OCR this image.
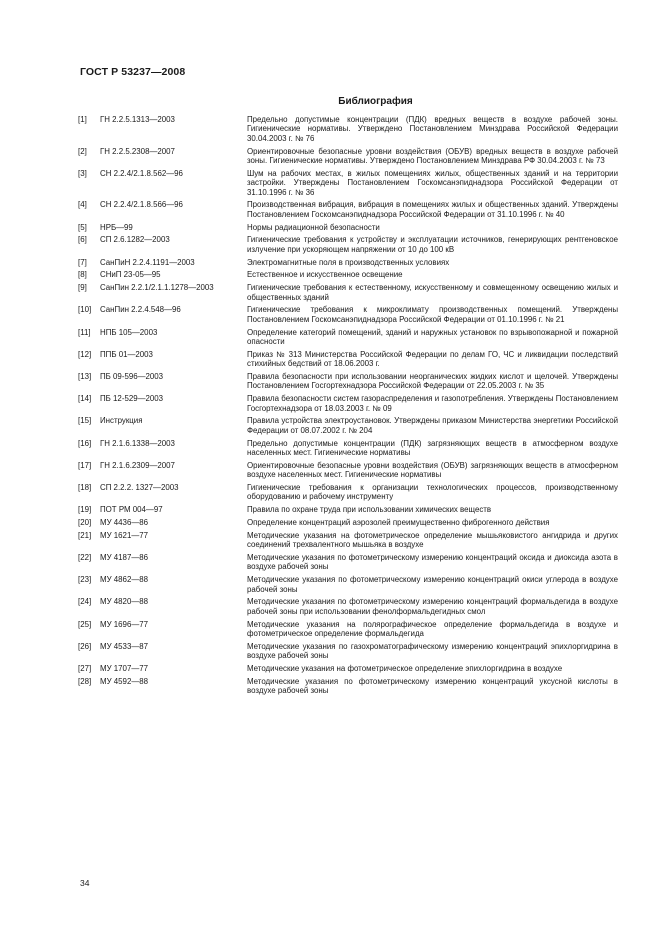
ГОСТ Р 53237—2008
Библиография
[1]	ГН 2.2.5.1313—2003	Предельно допустимые концентрации (ПДК) вредных веществ в воздухе рабочей зоны. Гигиенические нормативы. Утверждено Постановлением Минздрава Российской Федерации 30.04.2003 г. № 76
[2]	ГН 2.2.5.2308—2007	Ориентировочные безопасные уровни воздействия (ОБУВ) вредных веществ в воздухе рабочей зоны. Гигиенические нормативы. Утверждено Постановлением Минздрава РФ 30.04.2003 г. № 73
[3]	СН 2.2.4/2.1.8.562—96	Шум на рабочих местах, в жилых помещениях жилых, общественных зданий и на территории застройки. Утверждены Постановлением Госкомсанэпиднадзора Российской Федерации от 31.10.1996 г. № 36
[4]	СН 2.2.4/2.1.8.566—96	Производственная вибрация, вибрация в помещениях жилых и общественных зданий. Утверждены Постановлением Госкомсанэпиднадзора Российской Федерации от 31.10.1996 г. № 40
[5]	НРБ—99	Нормы радиационной безопасности
[6]	СП 2.6.1282—2003	Гигиенические требования к устройству и эксплуатации источников, генерирующих рентгеновское излучение при ускоряющем напряжении от 10 до 100 кВ
[7]	СанПиН 2.2.4.1191—2003	Электромагнитные поля в производственных условиях
[8]	СНиП 23-05—95	Естественное и искусственное освещение
[9]	СанПин 2.2.1/2.1.1.1278—2003	Гигиенические требования к естественному, искусственному и совмещенному освещению жилых и общественных зданий
[10]	СанПин 2.2.4.548—96	Гигиенические требования к микроклимату производственных помещений. Утверждены Постановлением Госкомсанэпиднадзора Российской Федерации от 01.10.1996 г. № 21
[11]	НПБ 105—2003	Определение категорий помещений, зданий и наружных установок по взрывопожарной и пожарной опасности
[12]	ППБ 01—2003	Приказ № 313 Министерства Российской Федерации по делам ГО, ЧС и ликвидации последствий стихийных бедствий от 18.06.2003 г.
[13]	ПБ 09-596—2003	Правила безопасности при использовании неорганических жидких кислот и щелочей. Утверждены Постановлением Госгортехнадзора Российской Федерации от 22.05.2003 г. № 35
[14]	ПБ 12-529—2003	Правила безопасности систем газораспределения и газопотребления. Утверждены Постановлением Госгортехнадзора от 18.03.2003 г. № 09
[15]	Инструкция	Правила устройства электроустановок. Утверждены приказом Министерства энергетики Российской Федерации от 08.07.2002 г. № 204
[16]	ГН 2.1.6.1338—2003	Предельно допустимые концентрации (ПДК) загрязняющих веществ в атмосферном воздухе населенных мест. Гигиенические нормативы
[17]	ГН 2.1.6.2309—2007	Ориентировочные безопасные уровни воздействия (ОБУВ) загрязняющих веществ в атмосферном воздухе населенных мест. Гигиенические нормативы
[18]	СП 2.2.2. 1327—2003	Гигиенические требования к организации технологических процессов, производственному оборудованию и рабочему инструменту
[19]	ПОТ РМ 004—97	Правила по охране труда при использовании химических веществ
[20]	МУ 4436—86	Определение концентраций аэрозолей преимущественно фиброгенного действия
[21]	МУ 1621—77	Методические указания на фотометрическое определение мышьяковистого ангидрида и других соединений трехвалентного мышьяка в воздухе
[22]	МУ 4187—86	Методические указания по фотометрическому измерению концентраций оксида и диоксида азота в воздухе рабочей зоны
[23]	МУ 4862—88	Методические указания по фотометрическому измерению концентраций окиси углерода в воздухе рабочей зоны
[24]	МУ 4820—88	Методические указания по фотометрическому измерению концентраций формальдегида в воздухе рабочей зоны при использовании фенолформальдегидных смол
[25]	МУ 1696—77	Методические указания на полярографическое определение формальдегида в воздухе и фотометрическое определение формальдегида
[26]	МУ 4533—87	Методические указания по газохроматографическому измерению концентраций эпихлоргидрина в воздухе рабочей зоны
[27]	МУ 1707—77	Методические указания на фотометрическое определение эпихлоргидрина в воздухе
[28]	МУ 4592—88	Методические указания по фотометрическому измерению концентраций уксусной кислоты в воздухе рабочей зоны
34
